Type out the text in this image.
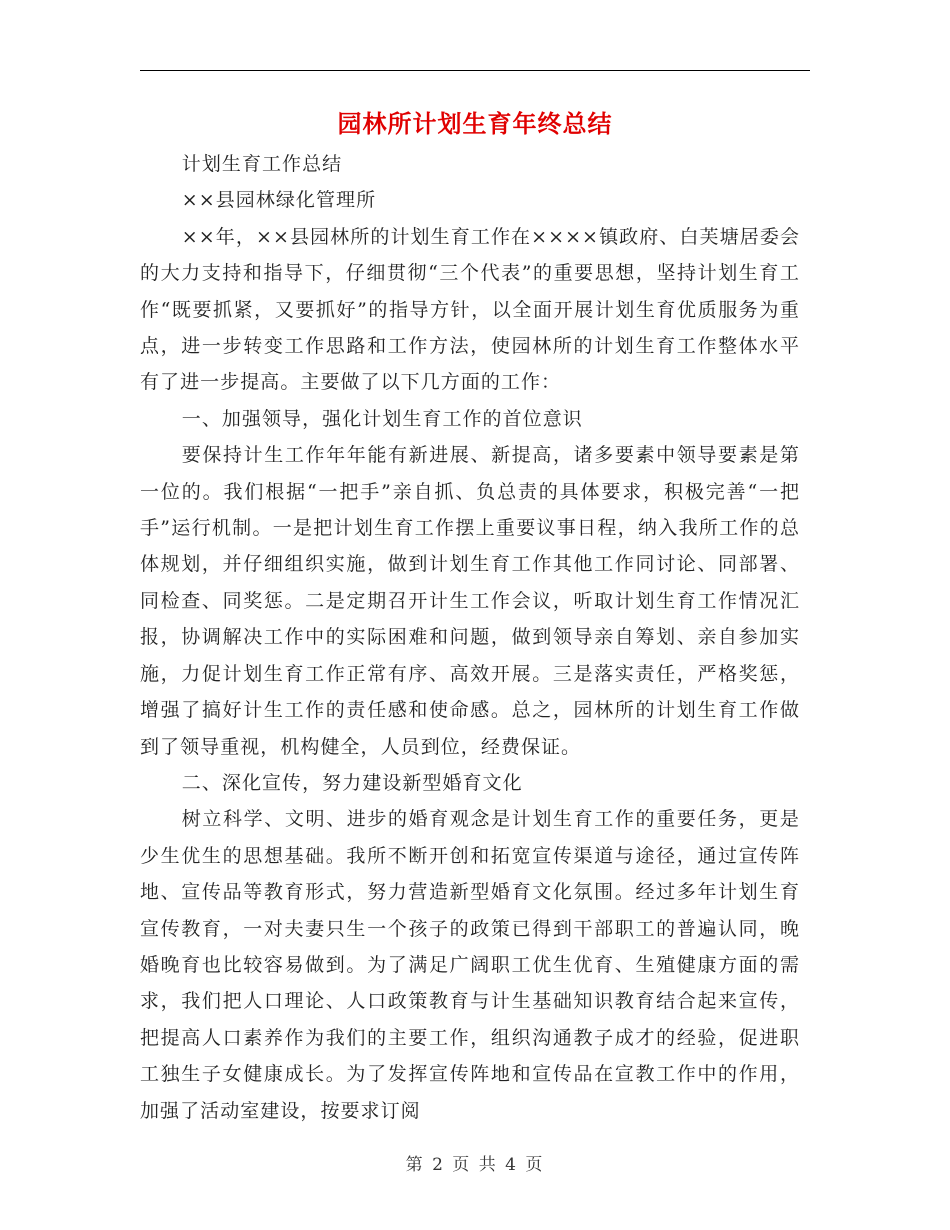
园林所计划生育年终总结

计划生育工作总结

××县园林绿化管理所

××年，××县园林所的计划生育工作在××××镇政府、白芙塘居委会的大力支持和指导下，仔细贯彻“三个代表”的重要思想，坚持计划生育工作“既要抓紧，又要抓好”的指导方针，以全面开展计划生育优质服务为重点，进一步转变工作思路和工作方法，使园林所的计划生育工作整体水平有了进一步提高。主要做了以下几方面的工作：

一、加强领导，强化计划生育工作的首位意识

要保持计生工作年年能有新进展、新提高，诸多要素中领导要素是第一位的。我们根据“一把手”亲自抓、负总责的具体要求，积极完善“一把手”运行机制。一是把计划生育工作摆上重要议事日程，纳入我所工作的总体规划，并仔细组织实施，做到计划生育工作其他工作同讨论、同部署、同检查、同奖惩。二是定期召开计生工作会议，听取计划生育工作情况汇报，协调解决工作中的实际困难和问题，做到领导亲自筹划、亲自参加实施，力促计划生育工作正常有序、高效开展。三是落实责任，严格奖惩，增强了搞好计生工作的责任感和使命感。总之，园林所的计划生育工作做到了领导重视，机构健全，人员到位，经费保证。

二、深化宣传，努力建设新型婚育文化

树立科学、文明、进步的婚育观念是计划生育工作的重要任务，更是少生优生的思想基础。我所不断开创和拓宽宣传渠道与途径，通过宣传阵地、宣传品等教育形式，努力营造新型婚育文化氛围。经过多年计划生育宣传教育，一对夫妻只生一个孩子的政策已得到干部职工的普遍认同，晚婚晚育也比较容易做到。为了满足广阔职工优生优育、生殖健康方面的需求，我们把人口理论、人口政策教育与计生基础知识教育结合起来宣传，把提高人口素养作为我们的主要工作，组织沟通教子成才的经验，促进职工独生子女健康成长。为了发挥宣传阵地和宣传品在宣教工作中的作用，加强了活动室建设，按要求订阅

第 2 页 共 4 页
